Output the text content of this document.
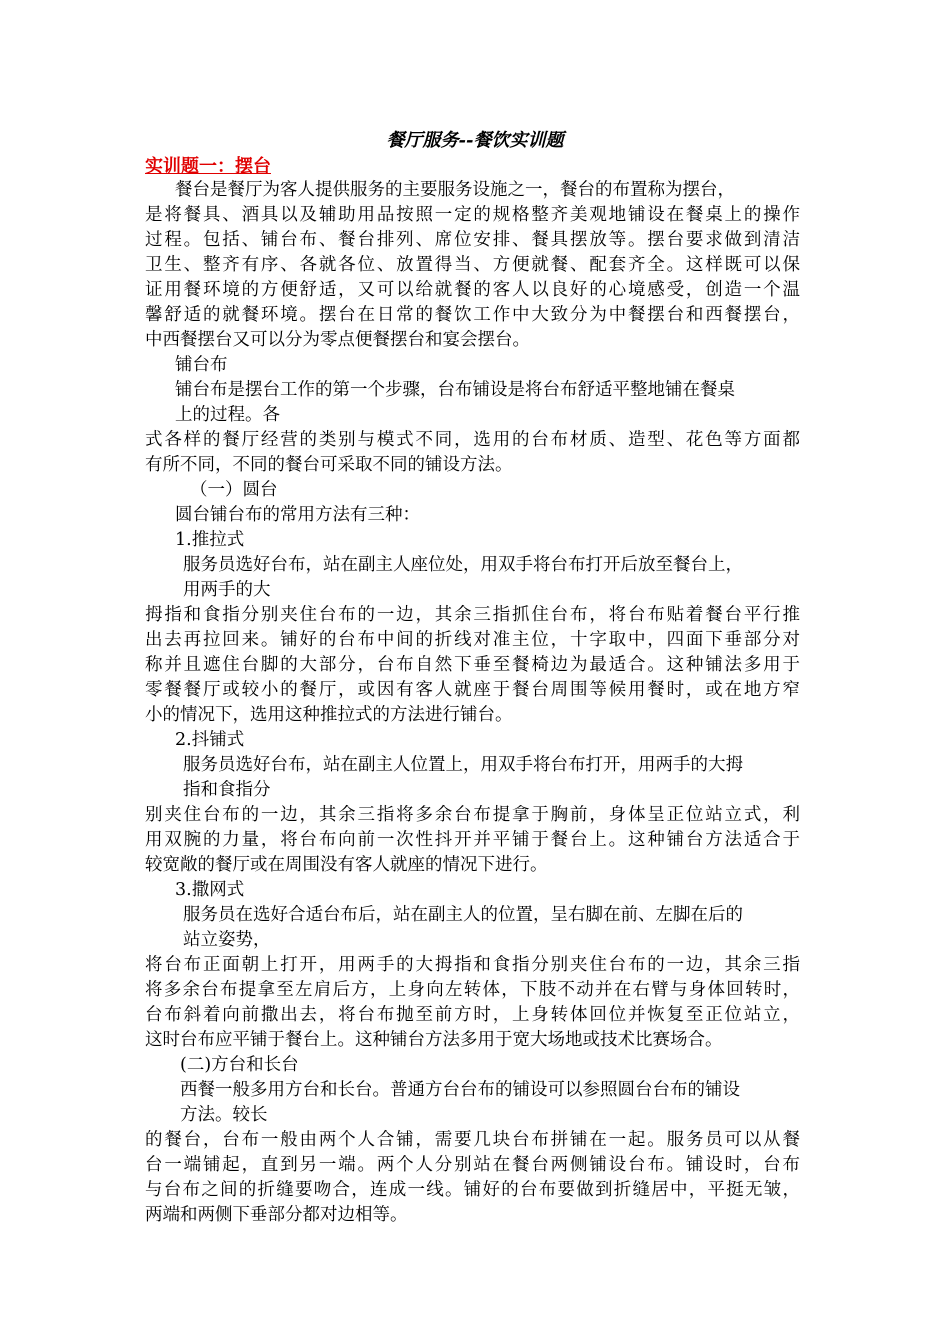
餐厅服务--餐饮实训题
实训题一：摆台
餐台是餐厅为客人提供服务的主要服务设施之一，餐台的布置称为摆台，
是将餐具、酒具以及辅助用品按照一定的规格整齐美观地铺设在餐桌上的操作
过程。包括、铺台布、餐台排列、席位安排、餐具摆放等。摆台要求做到清洁
卫生、整齐有序、各就各位、放置得当、方便就餐、配套齐全。这样既可以保
证用餐环境的方便舒适，又可以给就餐的客人以良好的心境感受，创造一个温
馨舒适的就餐环境。摆台在日常的餐饮工作中大致分为中餐摆台和西餐摆台，
中西餐摆台又可以分为零点便餐摆台和宴会摆台。
铺台布
铺台布是摆台工作的第一个步骤，台布铺设是将台布舒适平整地铺在餐桌
上的过程。各
式各样的餐厅经营的类别与模式不同，选用的台布材质、造型、花色等方面都
有所不同，不同的餐台可采取不同的铺设方法。
（一）圆台
圆台铺台布的常用方法有三种：
1.推拉式
服务员选好台布，站在副主人座位处，用双手将台布打开后放至餐台上，
用两手的大
拇指和食指分别夹住台布的一边，其余三指抓住台布，将台布贴着餐台平行推
出去再拉回来。铺好的台布中间的折线对准主位，十字取中，四面下垂部分对
称并且遮住台脚的大部分，台布自然下垂至餐椅边为最适合。这种铺法多用于
零餐餐厅或较小的餐厅，或因有客人就座于餐台周围等候用餐时，或在地方窄
小的情况下，选用这种推拉式的方法进行铺台。
2.抖铺式
服务员选好台布，站在副主人位置上，用双手将台布打开，用两手的大拇
指和食指分
别夹住台布的一边，其余三指将多余台布提拿于胸前，身体呈正位站立式，利
用双腕的力量，将台布向前一次性抖开并平铺于餐台上。这种铺台方法适合于
较宽敞的餐厅或在周围没有客人就座的情况下进行。
3.撒网式
服务员在选好合适台布后，站在副主人的位置，呈右脚在前、左脚在后的
站立姿势，
将台布正面朝上打开，用两手的大拇指和食指分别夹住台布的一边，其余三指
将多余台布提拿至左肩后方，上身向左转体，下肢不动并在右臂与身体回转时，
台布斜着向前撒出去，将台布抛至前方时，上身转体回位并恢复至正位站立，
这时台布应平铺于餐台上。这种铺台方法多用于宽大场地或技术比赛场合。
(二)方台和长台
西餐一般多用方台和长台。普通方台台布的铺设可以参照圆台台布的铺设
方法。较长
的餐台，台布一般由两个人合铺，需要几块台布拼铺在一起。服务员可以从餐
台一端铺起，直到另一端。两个人分别站在餐台两侧铺设台布。铺设时，台布
与台布之间的折缝要吻合，连成一线。铺好的台布要做到折缝居中，平挺无皱，
两端和两侧下垂部分都对边相等。
